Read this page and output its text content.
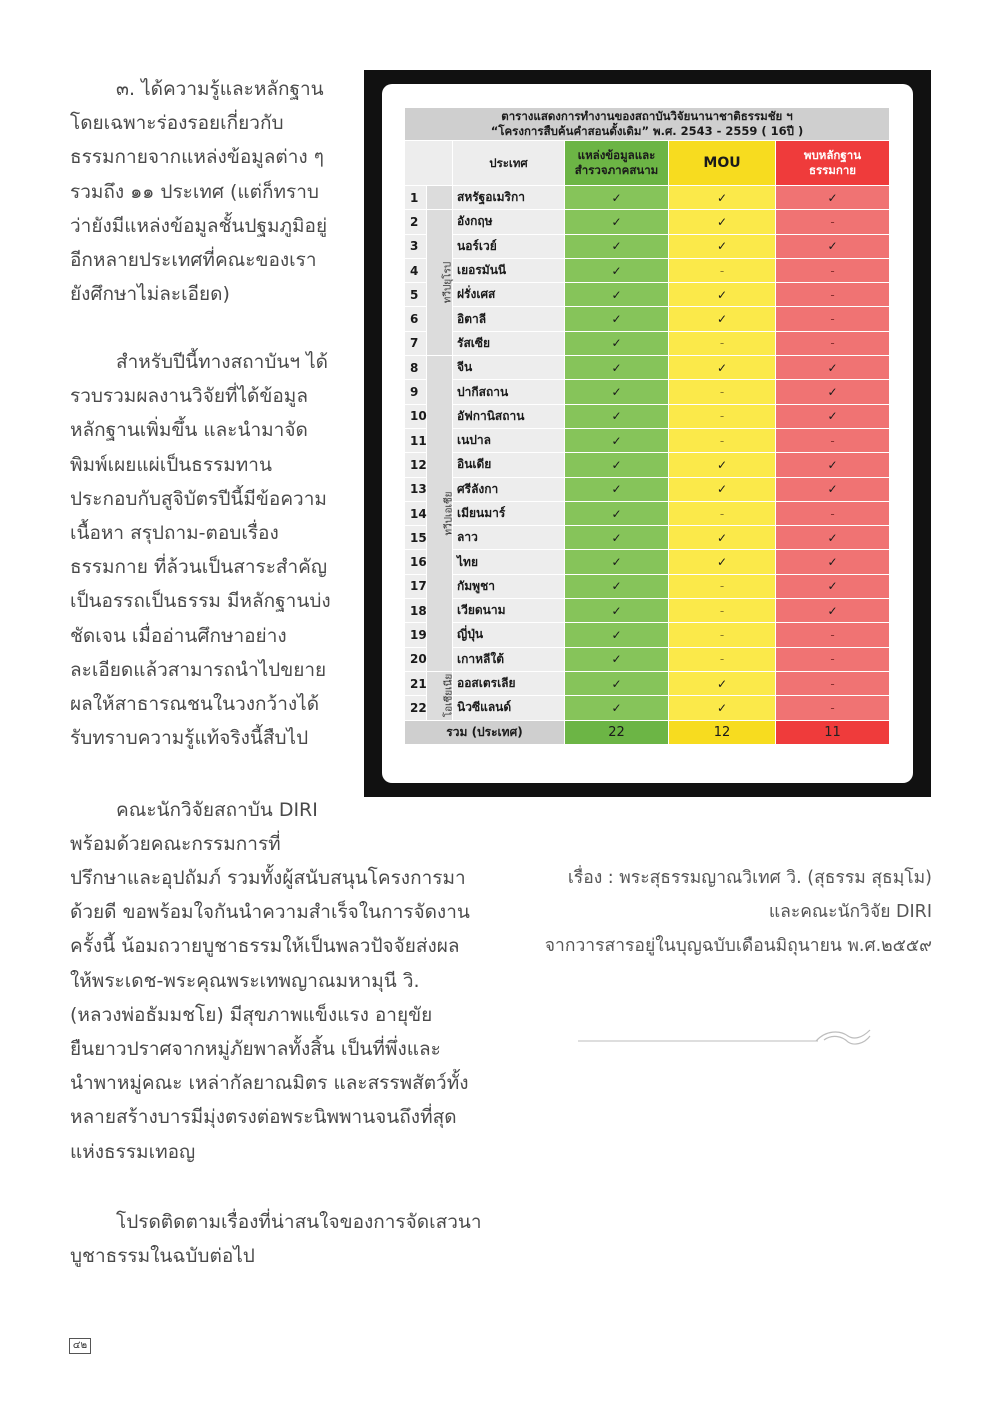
๓. ได้ความรู้และหลักฐาน
โดยเฉพาะร่องรอยเกี่ยวกับ
ธรรมกายจากแหล่งข้อมูลต่าง ๆ
รวมถึง ๑๑ ประเทศ (แต่ก็ทราบ
ว่ายังมีแหล่งข้อมูลชั้นปฐมภูมิอยู่
อีกหลายประเทศที่คณะของเรา
ยังศึกษาไม่ละเอียด)
สำหรับปีนี้ทางสถาบันฯ ได้
รวบรวมผลงานวิจัยที่ได้ข้อมูล
หลักฐานเพิ่มขึ้น และนำมาจัด
พิมพ์เผยแผ่เป็นธรรมทาน
ประกอบกับสูจิบัตรปีนี้มีข้อความ
เนื้อหา สรุปถาม-ตอบเรื่อง
ธรรมกาย ที่ล้วนเป็นสาระสำคัญ
เป็นอรรถเป็นธรรม มีหลักฐานบ่ง
ชัดเจน เมื่ออ่านศึกษาอย่าง
ละเอียดแล้วสามารถนำไปขยาย
ผลให้สาธารณชนในวงกว้างได้
รับทราบความรู้แท้จริงนี้สืบไป
คณะนักวิจัยสถาบัน DIRI
พร้อมด้วยคณะกรรมการที่
ปรึกษาและอุปถัมภ์ รวมทั้งผู้สนับสนุนโครงการมา
ด้วยดี ขอพร้อมใจกันนำความสำเร็จในการจัดงาน
ครั้งนี้ น้อมถวายบูชาธรรมให้เป็นพลวปัจจัยส่งผล
ให้พระเดช-พระคุณพระเทพญาณมหามุนี วิ.
(หลวงพ่อธัมมชโย) มีสุขภาพแข็งแรง อายุขัย
ยืนยาวปราศจากหมู่ภัยพาลทั้งสิ้น เป็นที่พึ่งและ
นำพาหมู่คณะ เหล่ากัลยาณมิตร และสรรพสัตว์ทั้ง
หลายสร้างบารมีมุ่งตรงต่อพระนิพพานจนถึงที่สุด
แห่งธรรมเทอญ
โปรดติดตามเรื่องที่น่าสนใจของการจัดเสวนา
บูชาธรรมในฉบับต่อไป
ตารางแสดงการทำงานของสถาบันวิจัยนานาชาติธรรมชัย ฯ
“โครงการสืบค้นคำสอนดั้งเดิม” พ.ศ. 2543 - 2559 ( 16ปี )					
		ประเทศ	แหล่งข้อมูลและ
สำรวจภาคสนาม	MOU	พบหลักฐาน
ธรรมกาย
1		สหรัฐอเมริกา	✓	✓	✓
2	ทวีปยุโรป	อังกฤษ	✓	✓	-
3		นอร์เวย์	✓	✓	✓
4		เยอรมันนี	✓	-	-
5		ฝรั่งเศส	✓	✓	-
6		อิตาลี	✓	✓	-
7		รัสเซีย	✓	-	-
8	ทวีปเอเชีย	จีน	✓	✓	✓
9		ปากีสถาน	✓	-	✓
10		อัฟกานิสถาน	✓	-	✓
11		เนปาล	✓	-	-
12		อินเดีย	✓	✓	✓
13		ศรีลังกา	✓	✓	✓
14		เมียนมาร์	✓	-	-
15		ลาว	✓	✓	✓
16		ไทย	✓	✓	✓
17		กัมพูชา	✓	-	✓
18		เวียดนาม	✓	-	✓
19		ญี่ปุ่น	✓	-	-
20		เกาหลีใต้	✓	-	-
21	โอเชียเนีย	ออสเตรเลีย	✓	✓	-
22		นิวซีแลนด์	✓	✓	-
รวม (ประเทศ)			22	12	11
เรื่อง : พระสุธรรมญาณวิเทศ วิ. (สุธรรม สุธมฺโม)
และคณะนักวิจัย DIRI
จากวารสารอยู่ในบุญฉบับเดือนมิถุนายน พ.ศ.๒๕๕๙
๔๒
